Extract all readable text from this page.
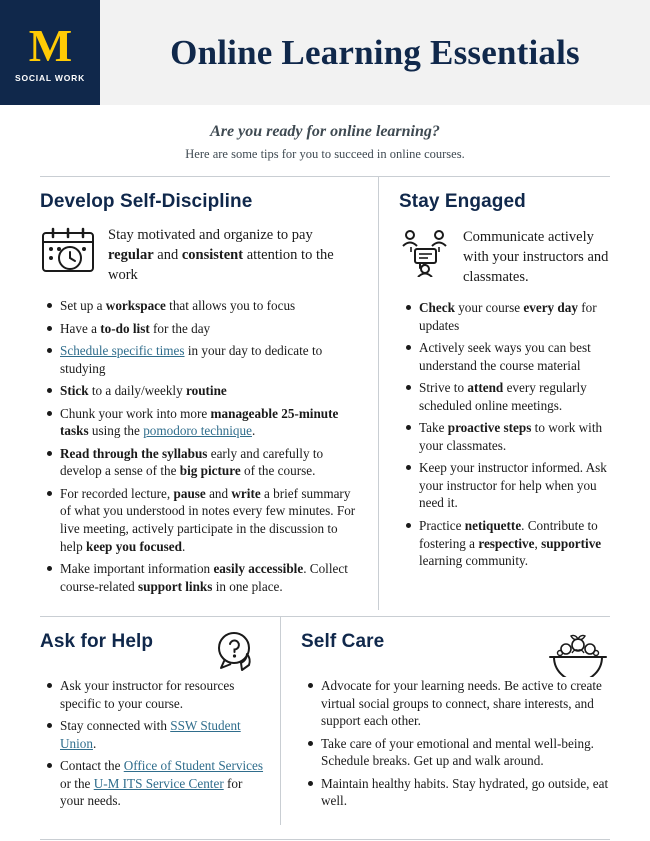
M
SOCIAL WORK
Online Learning Essentials
Are you ready for online learning?
Here are some tips for you to succeed in online courses.
Develop Self-Discipline
Stay motivated and organize to pay regular and consistent attention to the work
Set up a workspace that allows you to focus
Have a to-do list for the day
Schedule specific times in your day to dedicate to studying
Stick to a daily/weekly routine
Chunk your work into more manageable 25-minute tasks using the pomodoro technique.
Read through the syllabus early and carefully to develop a sense of the big picture of the course.
For recorded lecture, pause and write a brief summary of what you understood in notes every few minutes. For live meeting, actively participate in the discussion to help keep you focused.
Make important information easily accessible. Collect course-related support links in one place.
Stay Engaged
Communicate actively with your instructors and classmates.
Check your course every day for updates
Actively seek ways you can best understand the course material
Strive to attend every regularly scheduled online meetings.
Take proactive steps to work with your classmates.
Keep your instructor informed. Ask your instructor for help when you need it.
Practice netiquette. Contribute to fostering a respective, supportive learning community.
Ask for Help
Ask your instructor for resources specific to your course.
Stay connected with SSW Student Union.
Contact the Office of Student Services or the U-M ITS Service Center for your needs.
Self Care
Advocate for your learning needs. Be active to create virtual social groups to connect, share interests, and support each other.
Take care of your emotional and mental well-being. Schedule breaks. Get up and walk around.
Maintain healthy habits. Stay hydrated, go outside, eat well.
